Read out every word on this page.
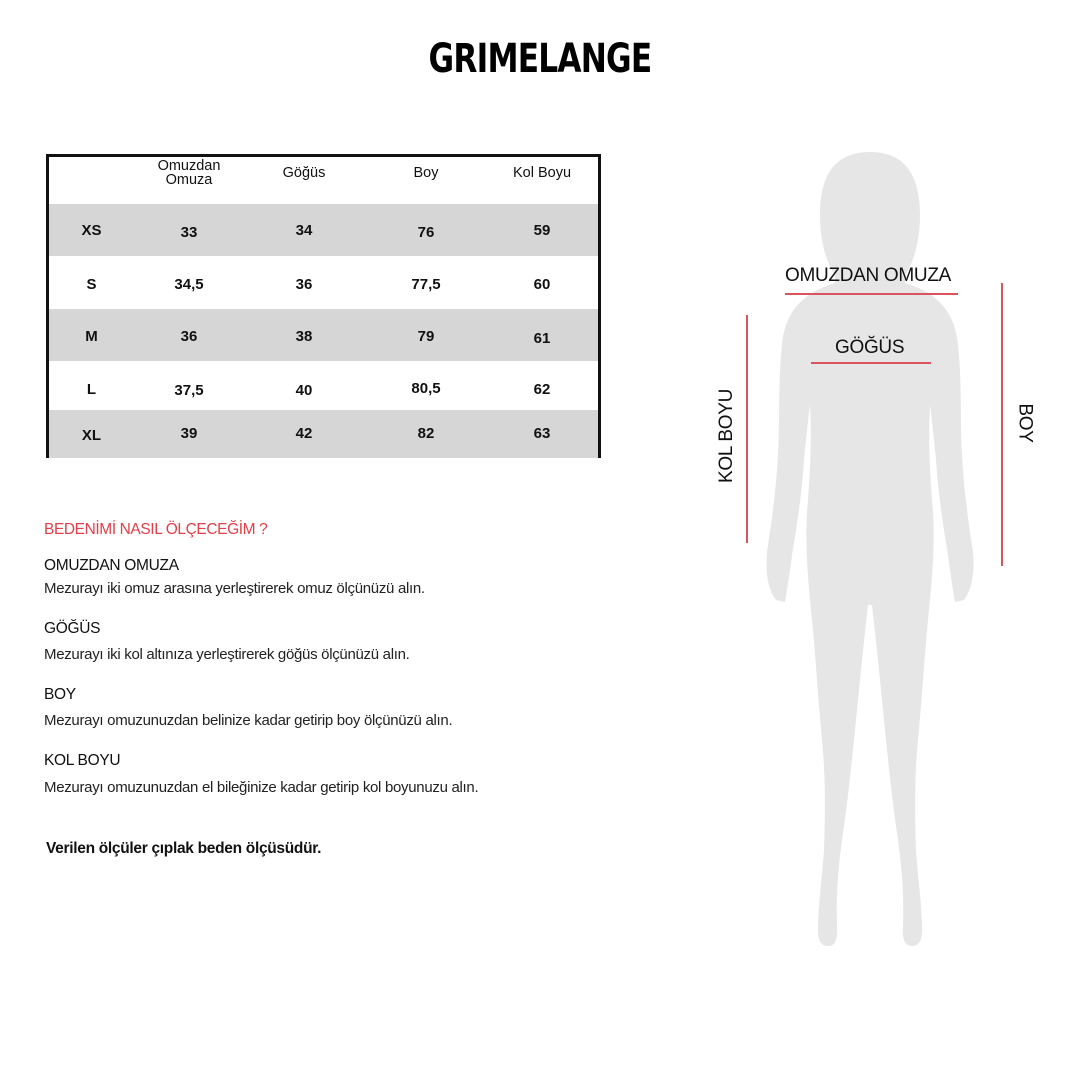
GRIMELANGE
Omuzdan
Omuza	Göğüs	Boy	Kol Boyu
XS	33	34	76	59
S	34,5	36	77,5	60
M	36	38	79	61
L	37,5	40	80,5	62
XL	39	42	82	63
BEDENİMİ NASIL ÖLÇECEĞİM ?
OMUZDAN OMUZA
Mezurayı iki omuz arasına yerleştirerek omuz ölçünüzü alın.
GÖĞÜS
Mezurayı iki kol altınıza yerleştirerek göğüs ölçünüzü alın.
BOY
Mezurayı omuzunuzdan belinize kadar getirip boy ölçünüzü alın.
KOL BOYU
Mezurayı omuzunuzdan el bileğinize kadar getirip kol boyunuzu alın.
Verilen ölçüler çıplak beden ölçüsüdür.
OMUZDAN OMUZA
GÖĞÜS
KOL BOYU	BOY
